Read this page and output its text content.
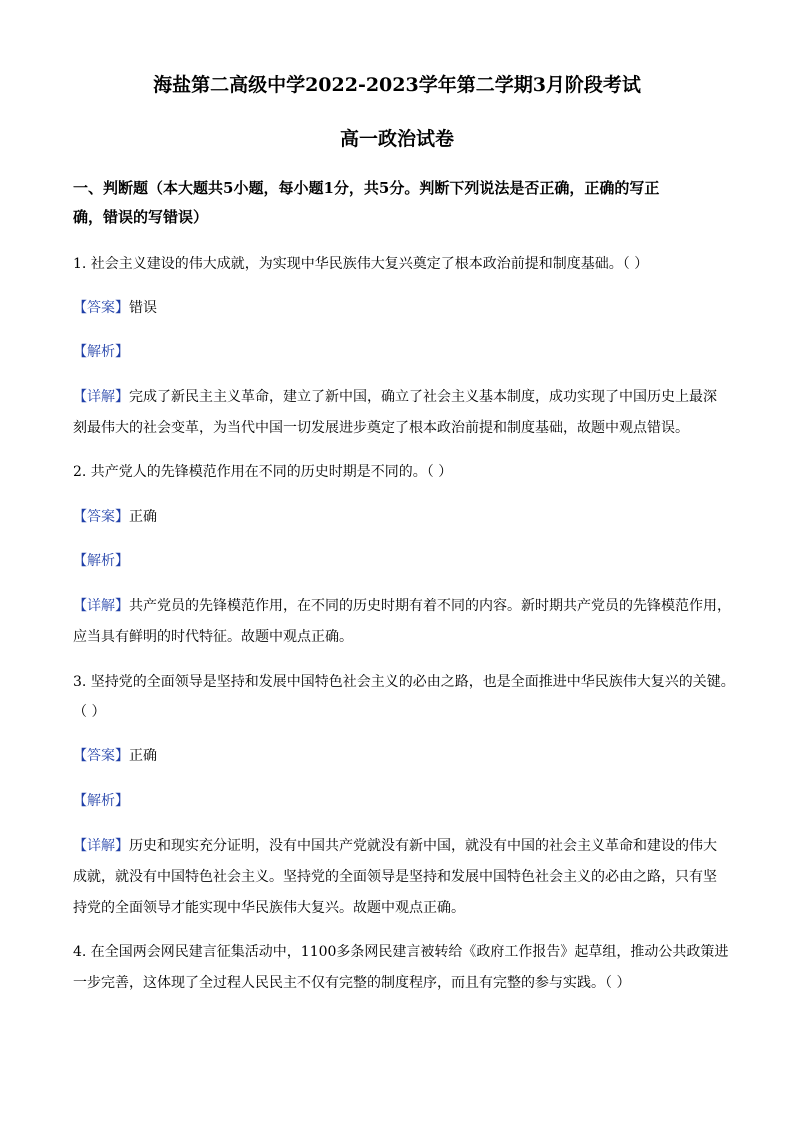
海盐第二高级中学2022-2023学年第二学期3月阶段考试
高一政治试卷
一、判断题（本大题共5小题，每小题1分，共5分。判断下列说法是否正确，正确的写正
确，错误的写错误）
1. 社会主义建设的伟大成就，为实现中华民族伟大复兴奠定了根本政治前提和制度基础。（ ）
【答案】错误
【解析】
【详解】完成了新民主主义革命，建立了新中国，确立了社会主义基本制度，成功实现了中国历史上最深
刻最伟大的社会变革，为当代中国一切发展进步奠定了根本政治前提和制度基础，故题中观点错误。
2. 共产党人的先锋模范作用在不同的历史时期是不同的。（ ）
【答案】正确
【解析】
【详解】共产党员的先锋模范作用，在不同的历史时期有着不同的内容。新时期共产党员的先锋模范作用，
应当具有鲜明的时代特征。故题中观点正确。
3. 坚持党的全面领导是坚持和发展中国特色社会主义的必由之路，也是全面推进中华民族伟大复兴的关键。
（ ）
【答案】正确
【解析】
【详解】历史和现实充分证明，没有中国共产党就没有新中国，就没有中国的社会主义革命和建设的伟大
成就，就没有中国特色社会主义。坚持党的全面领导是坚持和发展中国特色社会主义的必由之路，只有坚
持党的全面领导才能实现中华民族伟大复兴。故题中观点正确。
4. 在全国两会网民建言征集活动中，1100多条网民建言被转给《政府工作报告》起草组，推动公共政策进
一步完善，这体现了全过程人民民主不仅有完整的制度程序，而且有完整的参与实践。（ ）
